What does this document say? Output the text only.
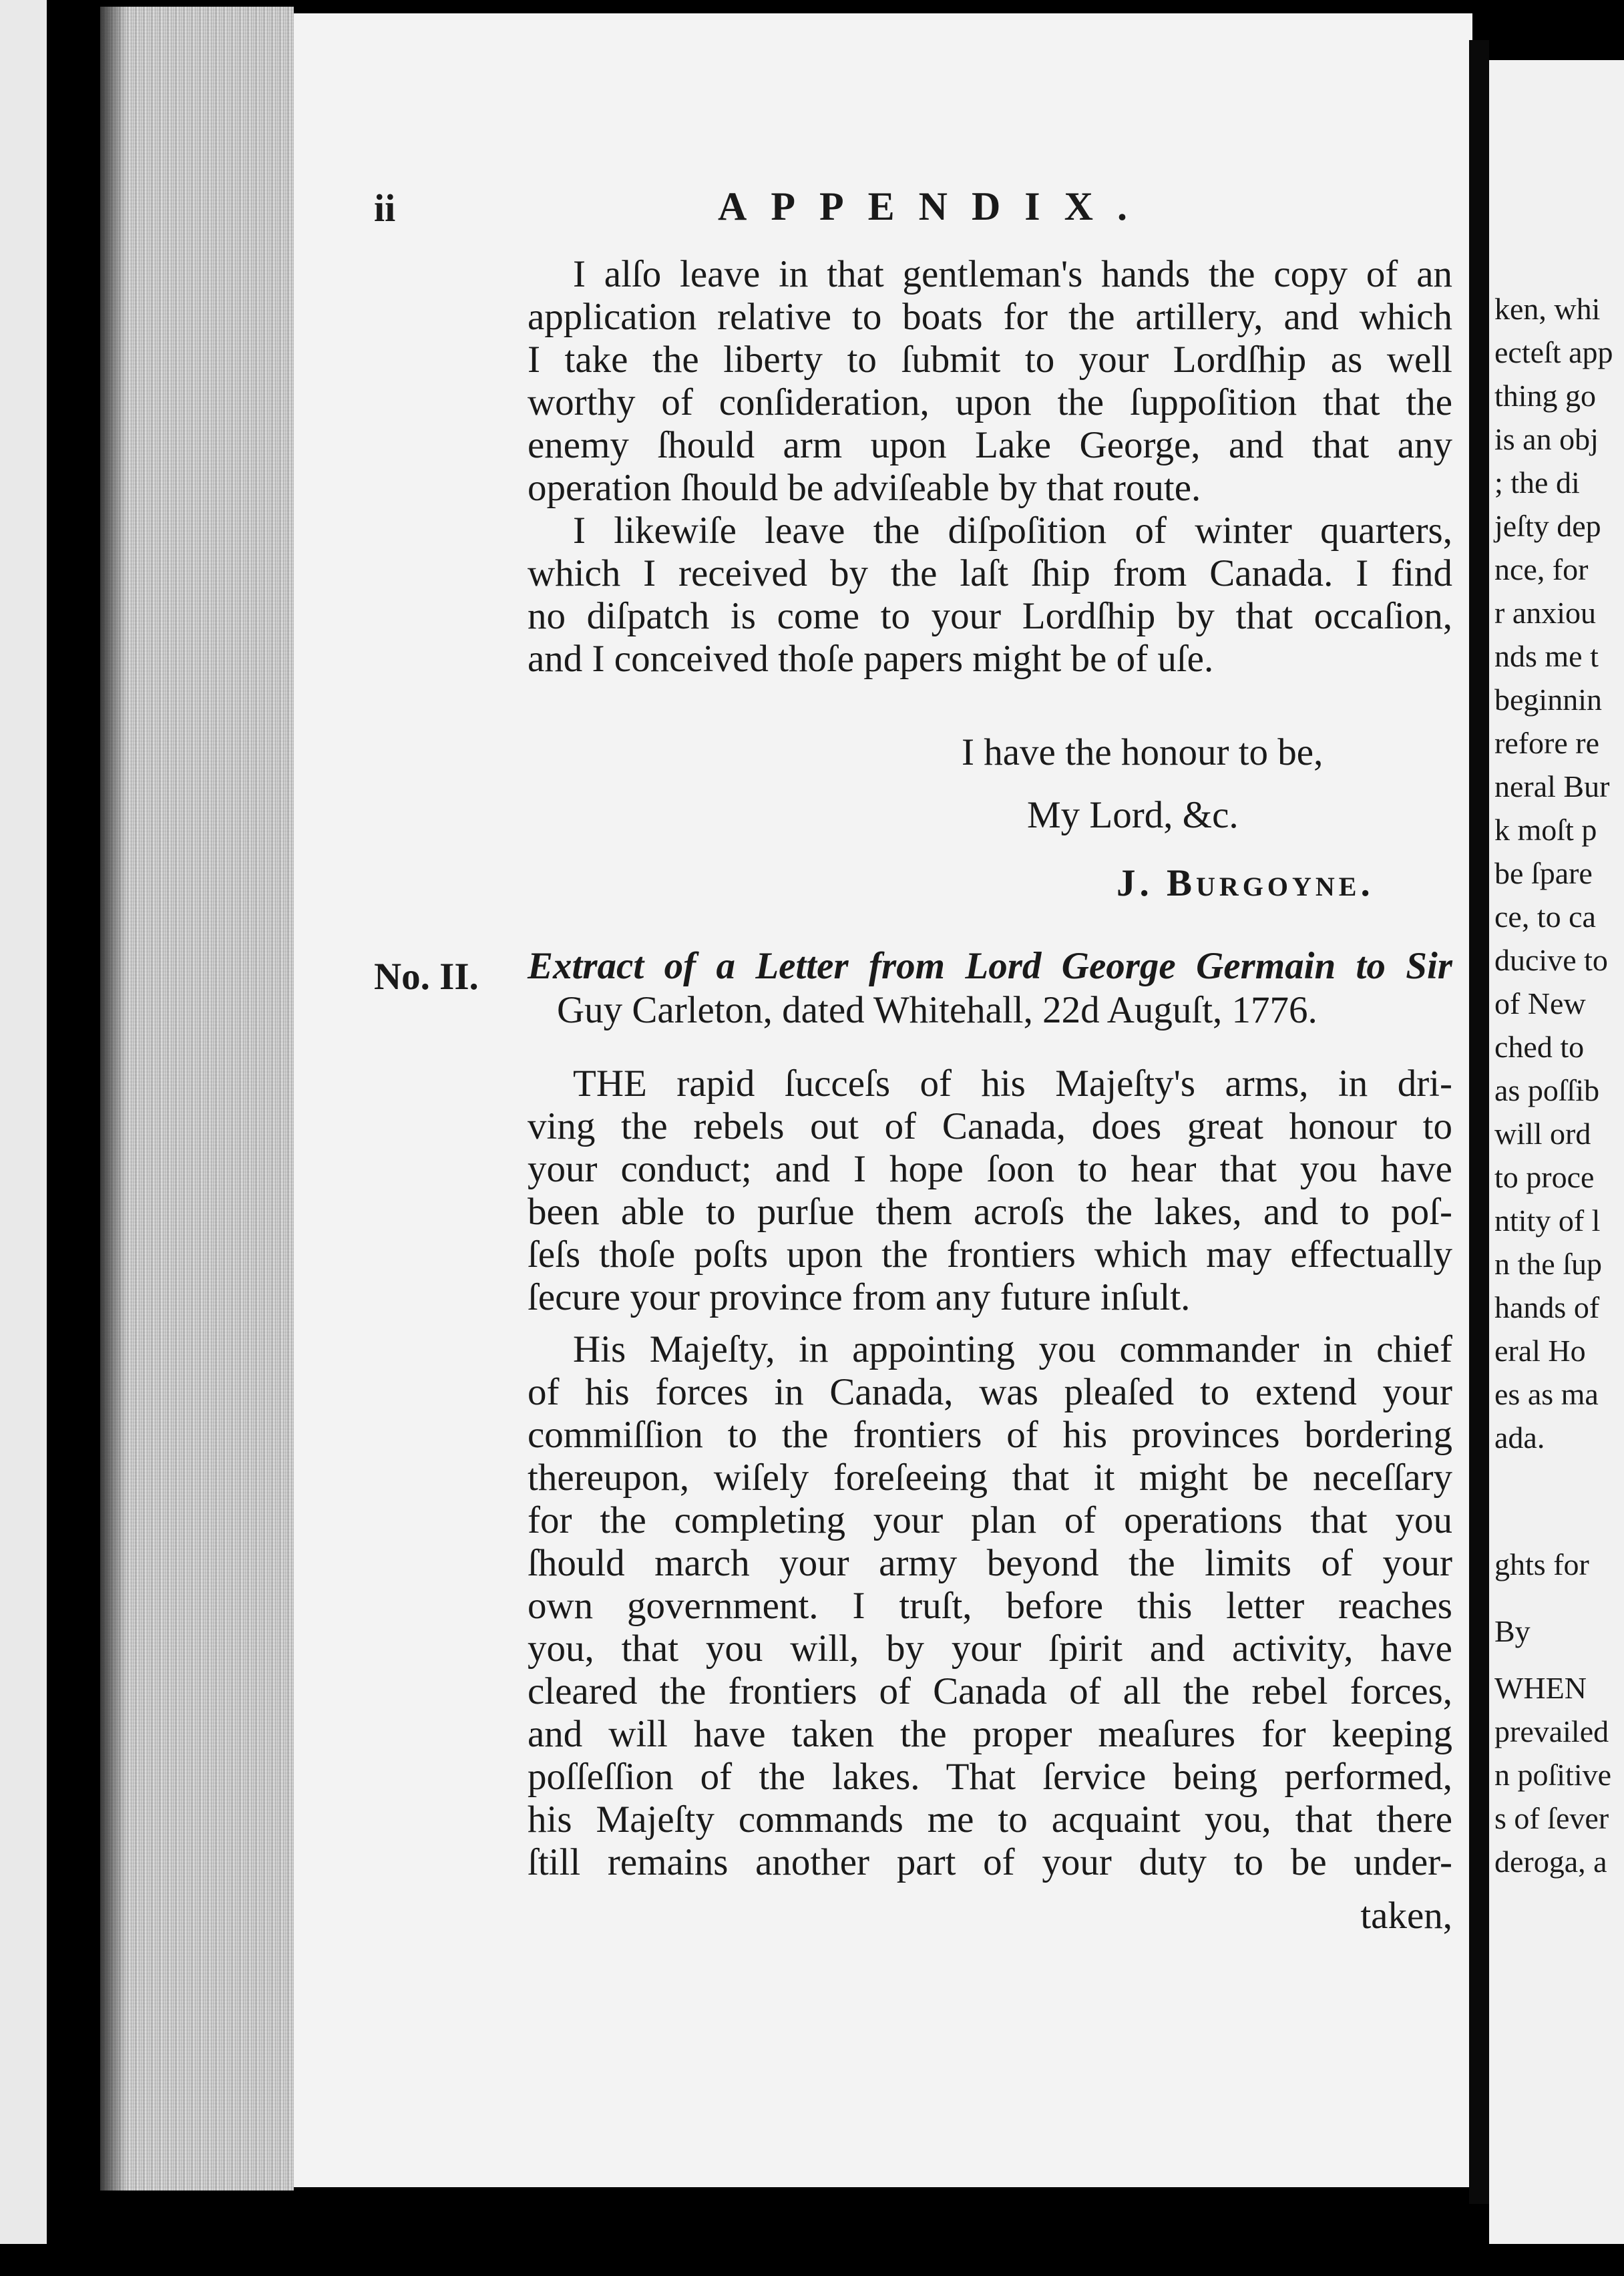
ken, whi
ecteſt app
thing go
is an obj
; the di
jeſty dep
nce, for
r anxiou
nds me t
beginnin
refore re
neral Bur
k moſt p
be ſpare
ce, to ca
ducive to
of New
ched to
as poſſib
will ord
to proce
ntity of l
n the ſup
hands of
eral Ho
es as ma
ada.
ghts for
By
WHEN
prevailed
n poſitive
s of ſever
deroga, a
ii	APPENDIX.
I alſo leave in that gentleman's hands the copy of an
application relative to boats for the artillery, and which
I take the liberty to ſubmit to your Lordſhip as well
worthy of conſideration, upon the ſuppoſition that the
enemy ſhould arm upon Lake George, and that any
operation ſhould be adviſeable by that route.
I likewiſe leave the diſpoſition of winter quarters,
which I received by the laſt ſhip from Canada. I find
no diſpatch is come to your Lordſhip by that occaſion,
and I conceived thoſe papers might be of uſe.
I have the honour to be,
My Lord, &c.
J. Burgoyne.
No. II. Extract of a Letter from Lord George Germain to Sir
Guy Carleton, dated Whitehall, 22d Auguſt, 1776.
THE rapid ſucceſs of his Majeſty's arms, in dri-
ving the rebels out of Canada, does great honour to
your conduct; and I hope ſoon to hear that you have
been able to purſue them acroſs the lakes, and to poſ-
ſeſs thoſe poſts upon the frontiers which may effectually
ſecure your province from any future inſult.
His Majeſty, in appointing you commander in chief
of his forces in Canada, was pleaſed to extend your
commiſſion to the frontiers of his provinces bordering
thereupon, wiſely foreſeeing that it might be neceſſary
for the completing your plan of operations that you
ſhould march your army beyond the limits of your
own government. I truſt, before this letter reaches
you, that you will, by your ſpirit and activity, have
cleared the frontiers of Canada of all the rebel forces,
and will have taken the proper meaſures for keeping
poſſeſſion of the lakes. That ſervice being performed,
his Majeſty commands me to acquaint you, that there
ſtill remains another part of your duty to be under-
taken,
